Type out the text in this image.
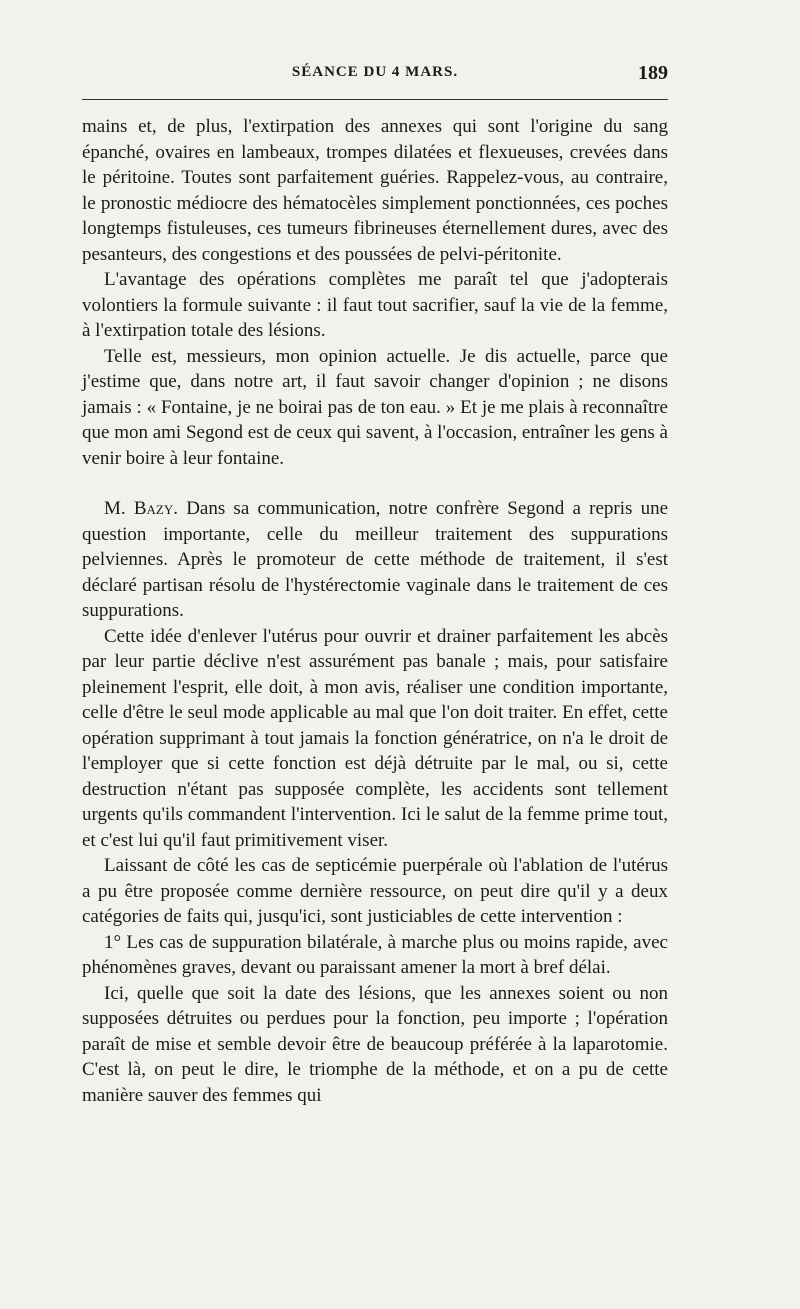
SÉANCE DU 4 MARS.	189

mains et, de plus, l'extirpation des annexes qui sont l'origine du sang épanché, ovaires en lambeaux, trompes dilatées et flexueuses, crevées dans le péritoine. Toutes sont parfaitement guéries. Rappelez-vous, au contraire, le pronostic médiocre des hématocèles simplement ponctionnées, ces poches longtemps fistuleuses, ces tumeurs fibrineuses éternellement dures, avec des pesanteurs, des congestions et des poussées de pelvi-péritonite.

L'avantage des opérations complètes me paraît tel que j'adopterais volontiers la formule suivante : il faut tout sacrifier, sauf la vie de la femme, à l'extirpation totale des lésions.

Telle est, messieurs, mon opinion actuelle. Je dis actuelle, parce que j'estime que, dans notre art, il faut savoir changer d'opinion ; ne disons jamais : « Fontaine, je ne boirai pas de ton eau. » Et je me plais à reconnaître que mon ami Segond est de ceux qui savent, à l'occasion, entraîner les gens à venir boire à leur fontaine.

M. Bazy. Dans sa communication, notre confrère Segond a repris une question importante, celle du meilleur traitement des suppurations pelviennes. Après le promoteur de cette méthode de traitement, il s'est déclaré partisan résolu de l'hystérectomie vaginale dans le traitement de ces suppurations.

Cette idée d'enlever l'utérus pour ouvrir et drainer parfaitement les abcès par leur partie déclive n'est assurément pas banale ; mais, pour satisfaire pleinement l'esprit, elle doit, à mon avis, réaliser une condition importante, celle d'être le seul mode applicable au mal que l'on doit traiter. En effet, cette opération supprimant à tout jamais la fonction génératrice, on n'a le droit de l'employer que si cette fonction est déjà détruite par le mal, ou si, cette destruction n'étant pas supposée complète, les accidents sont tellement urgents qu'ils commandent l'intervention. Ici le salut de la femme prime tout, et c'est lui qu'il faut primitivement viser.

Laissant de côté les cas de septicémie puerpérale où l'ablation de l'utérus a pu être proposée comme dernière ressource, on peut dire qu'il y a deux catégories de faits qui, jusqu'ici, sont justiciables de cette intervention :

1° Les cas de suppuration bilatérale, à marche plus ou moins rapide, avec phénomènes graves, devant ou paraissant amener la mort à bref délai.

Ici, quelle que soit la date des lésions, que les annexes soient ou non supposées détruites ou perdues pour la fonction, peu importe ; l'opération paraît de mise et semble devoir être de beaucoup préférée à la laparotomie. C'est là, on peut le dire, le triomphe de la méthode, et on a pu de cette manière sauver des femmes qui
